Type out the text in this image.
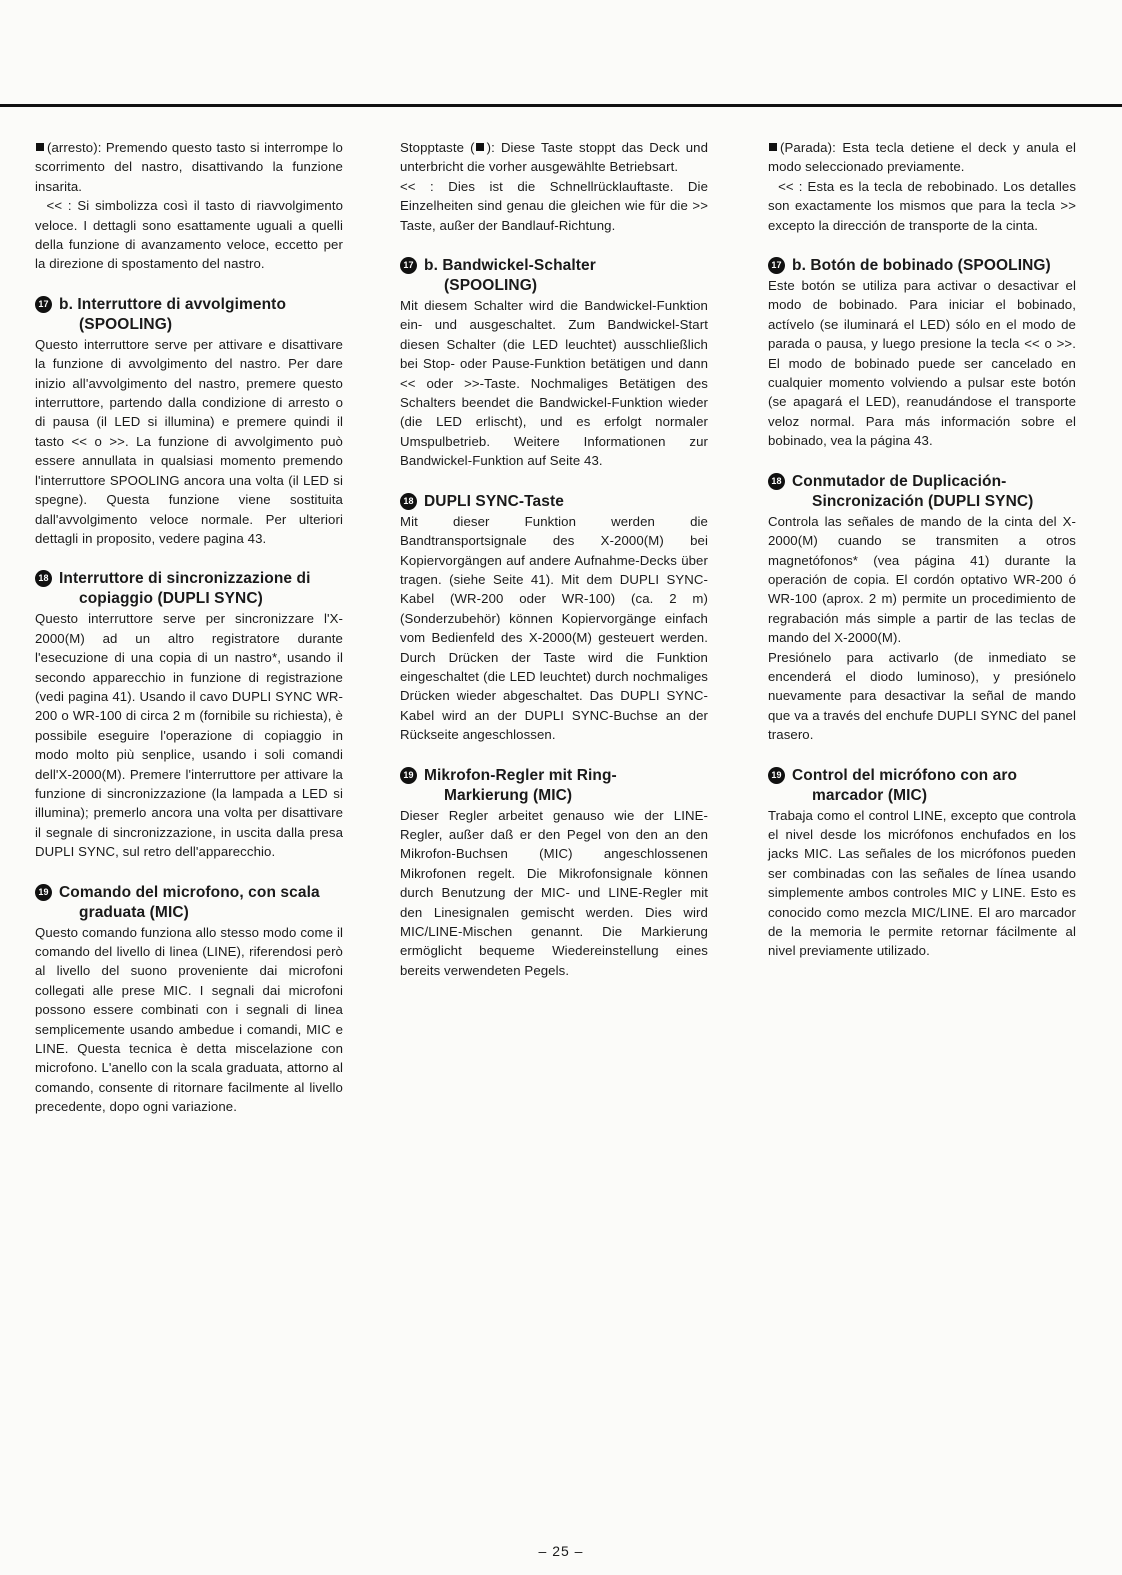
(arresto): Premendo questo tasto si interrompe lo scorrimento del nastro, disattivando la funzione insarita.

<< : Si simbolizza così il tasto di riavvolgimento veloce. I dettagli sono esattamente uguali a quelli della funzione di avanzamento veloce, eccetto per la direzione di spostamento del nastro.

17 b. Interruttore di avvolgimento
(SPOOLING)

Questo interruttore serve per attivare e disattivare la funzione di avvolgimento del nastro. Per dare inizio all'avvolgimento del nastro, premere questo interruttore, partendo dalla condizione di arresto o di pausa (il LED si illumina) e premere quindi il tasto << o >>. La funzione di avvolgimento può essere annullata in qualsiasi momento premendo l'interruttore SPOOLING ancora una volta (il LED si spegne). Questa funzione viene sostituita dall'avvolgimento veloce normale. Per ulteriori dettagli in proposito, vedere pagina 43.

18 Interruttore di sincronizzazione di
copiaggio (DUPLI SYNC)

Questo interruttore serve per sincronizzare l'X-2000(M) ad un altro registratore durante l'esecuzione di una copia di un nastro*, usando il secondo apparecchio in funzione di registrazione (vedi pagina 41). Usando il cavo DUPLI SYNC WR-200 o WR-100 di circa 2 m (fornibile su richiesta), è possibile eseguire l'operazione di copiaggio in modo molto più senplice, usando i soli comandi dell'X-2000(M). Premere l'interruttore per attivare la funzione di sincronizzazione (la lampada a LED si illumina); premerlo ancora una volta per disattivare il segnale di sincronizzazione, in uscita dalla presa DUPLI SYNC, sul retro dell'apparecchio.

19 Comando del microfono, con scala
graduata (MIC)

Questo comando funziona allo stesso modo come il comando del livello di linea (LINE), riferendosi però al livello del suono proveniente dai microfoni collegati alle prese MIC. I segnali dai microfoni possono essere combinati con i segnali di linea semplicemente usando ambedue i comandi, MIC e LINE. Questa tecnica è detta miscelazione con microfono. L'anello con la scala graduata, attorno al comando, consente di ritornare facilmente al livello precedente, dopo ogni variazione.

Stopptaste ( ): Diese Taste stoppt das Deck und unterbricht die vorher ausgewählte Betriebsart.

<< : Dies ist die Schnellrücklauftaste. Die Einzelheiten sind genau die gleichen wie für die >> Taste, außer der Bandlauf-Richtung.

17 b. Bandwickel-Schalter
(SPOOLING)

Mit diesem Schalter wird die Bandwickel-Funktion ein- und ausgeschaltet. Zum Bandwickel-Start diesen Schalter (die LED leuchtet) ausschließlich bei Stop- oder Pause-Funktion betätigen und dann << oder >>-Taste. Nochmaliges Betätigen des Schalters beendet die Bandwickel-Funktion wieder (die LED erlischt), und es erfolgt normaler Umspulbetrieb. Weitere Informationen zur Bandwickel-Funktion auf Seite 43.

18 DUPLI SYNC-Taste

Mit dieser Funktion werden die Bandtransportsignale des X-2000(M) bei Kopiervorgängen auf andere Aufnahme-Decks über tragen. (siehe Seite 41). Mit dem DUPLI SYNC-Kabel (WR-200 oder WR-100) (ca. 2 m) (Sonderzubehör) können Kopiervorgänge einfach vom Bedienfeld des X-2000(M) gesteuert werden. Durch Drücken der Taste wird die Funktion eingeschaltet (die LED leuchtet) durch nochmaliges Drücken wieder abgeschaltet. Das DUPLI SYNC-Kabel wird an der DUPLI SYNC-Buchse an der Rückseite angeschlossen.

19 Mikrofon-Regler mit Ring-
Markierung (MIC)

Dieser Regler arbeitet genauso wie der LINE-Regler, außer daß er den Pegel von den an den Mikrofon-Buchsen (MIC) angeschlossenen Mikrofonen regelt. Die Mikrofonsignale können durch Benutzung der MIC- und LINE-Regler mit den Linesignalen gemischt werden. Dies wird MIC/LINE-Mischen genannt. Die Markierung ermöglicht bequeme Wiedereinstellung eines bereits verwendeten Pegels.

(Parada): Esta tecla detiene el deck y anula el modo seleccionado previamente.

<< : Esta es la tecla de rebobinado. Los detalles son exactamente los mismos que para la tecla >> excepto la dirección de transporte de la cinta.

17 b. Botón de bobinado (SPOOLING)

Este botón se utiliza para activar o desactivar el modo de bobinado. Para iniciar el bobinado, actívelo (se iluminará el LED) sólo en el modo de parada o pausa, y luego presione la tecla << o >>. El modo de bobinado puede ser cancelado en cualquier momento volviendo a pulsar este botón (se apagará el LED), reanudándose el transporte veloz normal. Para más información sobre el bobinado, vea la página 43.

18 Conmutador de Duplicación-
Sincronización (DUPLI SYNC)

Controla las señales de mando de la cinta del X-2000(M) cuando se transmiten a otros magnetófonos* (vea página 41) durante la operación de copia. El cordón optativo WR-200 ó WR-100 (aprox. 2 m) permite un procedimiento de regrabación más simple a partir de las teclas de mando del X-2000(M).

Presiónelo para activarlo (de inmediato se encenderá el diodo luminoso), y presiónelo nuevamente para desactivar la señal de mando que va a través del enchufe DUPLI SYNC del panel trasero.

19 Control del micrófono con aro
marcador (MIC)

Trabaja como el control LINE, excepto que controla el nivel desde los micrófonos enchufados en los jacks MIC. Las señales de los micrófonos pueden ser combinadas con las señales de línea usando simplemente ambos controles MIC y LINE. Esto es conocido como mezcla MIC/LINE. El aro marcador de la memoria le permite retornar fácilmente al nivel previamente utilizado.

– 25 –
